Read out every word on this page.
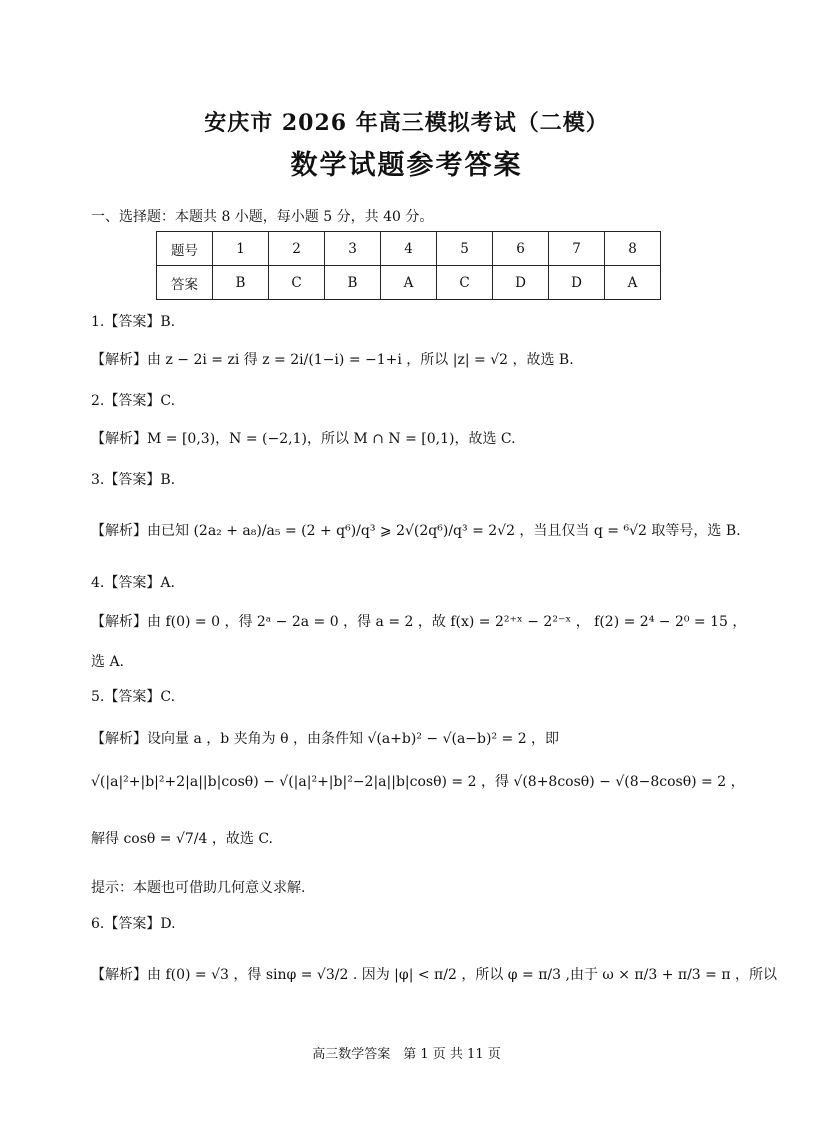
安庆市 2026 年高三模拟考试（二模）
数学试题参考答案
一、选择题：本题共 8 小题，每小题 5 分，共 40 分。
题号	1	2	3	4	5	6	7	8
答案	B	C	B	A	C	D	D	A
1.【答案】B.
【解析】由 z − 2i = zi 得 z = 2i/(1−i) = −1+i ，所以 |z| = √2 ，故选 B.
2.【答案】C.
【解析】M = [0,3)，N = (−2,1)，所以 M ∩ N = [0,1)，故选 C.
3.【答案】B.
【解析】由已知 (2a₂ + a₈)/a₅ = (2 + q⁶)/q³ ⩾ 2√(2q⁶)/q³ = 2√2 ，当且仅当 q = ⁶√2 取等号，选 B.
4.【答案】A.
【解析】由 f(0) = 0 ，得 2ᵃ − 2a = 0 ，得 a = 2 ，故 f(x) = 2²⁺ˣ − 2²⁻ˣ ， f(2) = 2⁴ − 2⁰ = 15 ，
选 A.
5.【答案】C.
【解析】设向量 a ，b 夹角为 θ ，由条件知 √(a+b)² − √(a−b)² = 2 ，即
√(|a|²+|b|²+2|a||b|cosθ) − √(|a|²+|b|²−2|a||b|cosθ) = 2 ，得 √(8+8cosθ) − √(8−8cosθ) = 2 ，
解得 cosθ = √7/4 ，故选 C.
提示：本题也可借助几何意义求解.
6.【答案】D.
【解析】由 f(0) = √3 ，得 sinφ = √3/2 . 因为 |φ| < π/2 ，所以 φ = π/3 ,由于 ω × π/3 + π/3 = π ，所以
高三数学答案　第 1 页 共 11 页
